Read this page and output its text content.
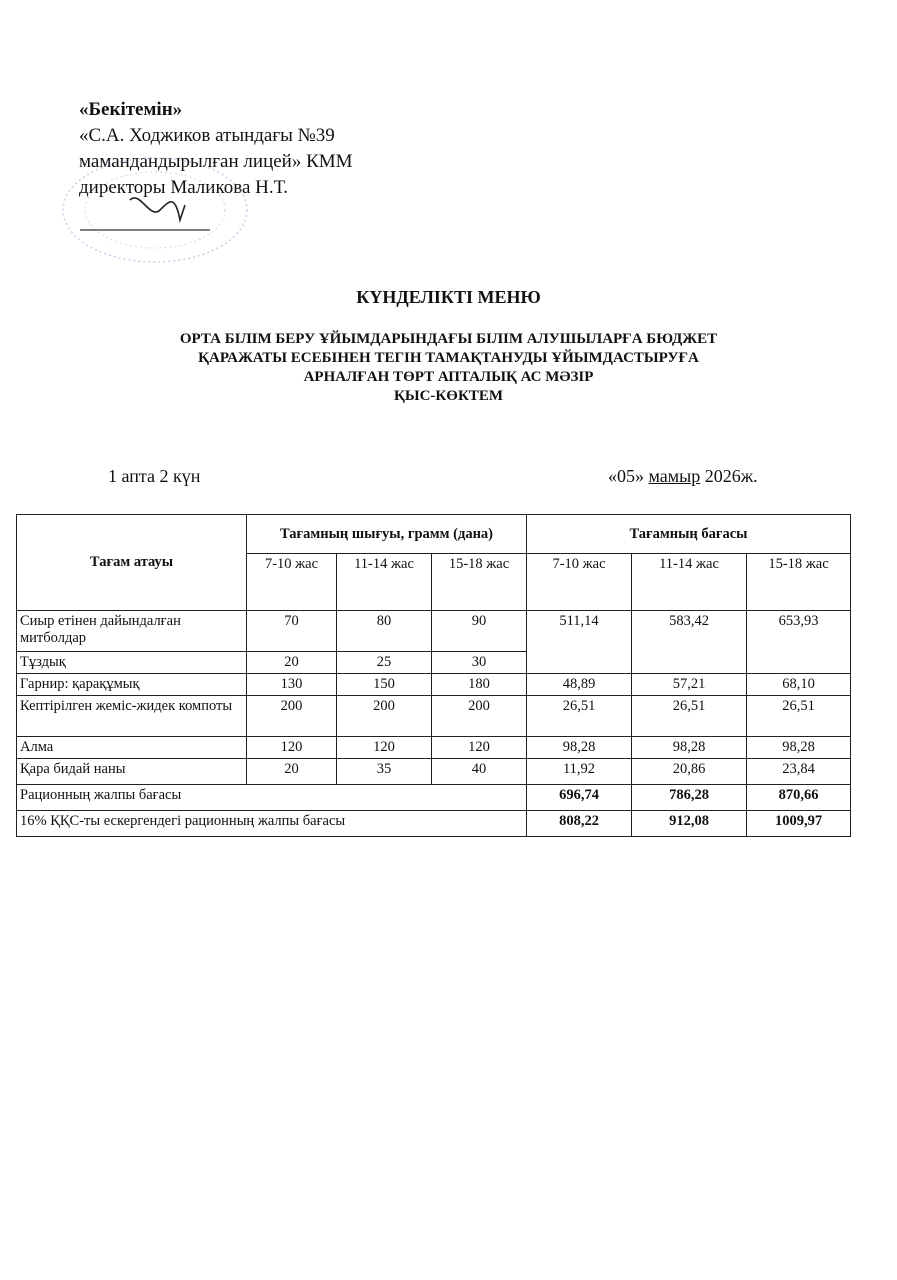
«Бекітемін»
«С.А. Ходжиков атындағы №39
мамандандырылған лицей» КММ
директоры Маликова Н.Т.
КҮНДЕЛІКТІ МЕНЮ
ОРТА БІЛІМ БЕРУ ҰЙЫМДАРЫНДАҒЫ БІЛІМ АЛУШЫЛАРҒА БЮДЖЕТ
ҚАРАЖАТЫ ЕСЕБІНЕН ТЕГІН ТАМАҚТАНУДЫ ҰЙЫМДАСТЫРУҒА
АРНАЛҒАН ТӨРТ АПТАЛЫҚ АС МӘЗІР
ҚЫС-КӨКТЕМ
1 апта 2 күн	«05» мамыр 2026ж.
Тағам атауы	Тағамның шығуы, грамм (дана)			Тағамның бағасы		
	7-10 жас	11-14 жас	15-18 жас	7-10 жас	11-14 жас	15-18 жас
Сиыр етінен дайындалған митболдар	70	80	90	511,14	583,42	653,93
Тұздық	20	25	30			
Гарнир: қарақұмық	130	150	180	48,89	57,21	68,10
Кептірілген жеміс-жидек компоты	200	200	200	26,51	26,51	26,51
Алма	120	120	120	98,28	98,28	98,28
Қара бидай наны	20	35	40	11,92	20,86	23,84
Рационның жалпы бағасы				696,74	786,28	870,66
16% ҚҚС-ты ескергендегі рационның жалпы бағасы				808,22	912,08	1009,97
